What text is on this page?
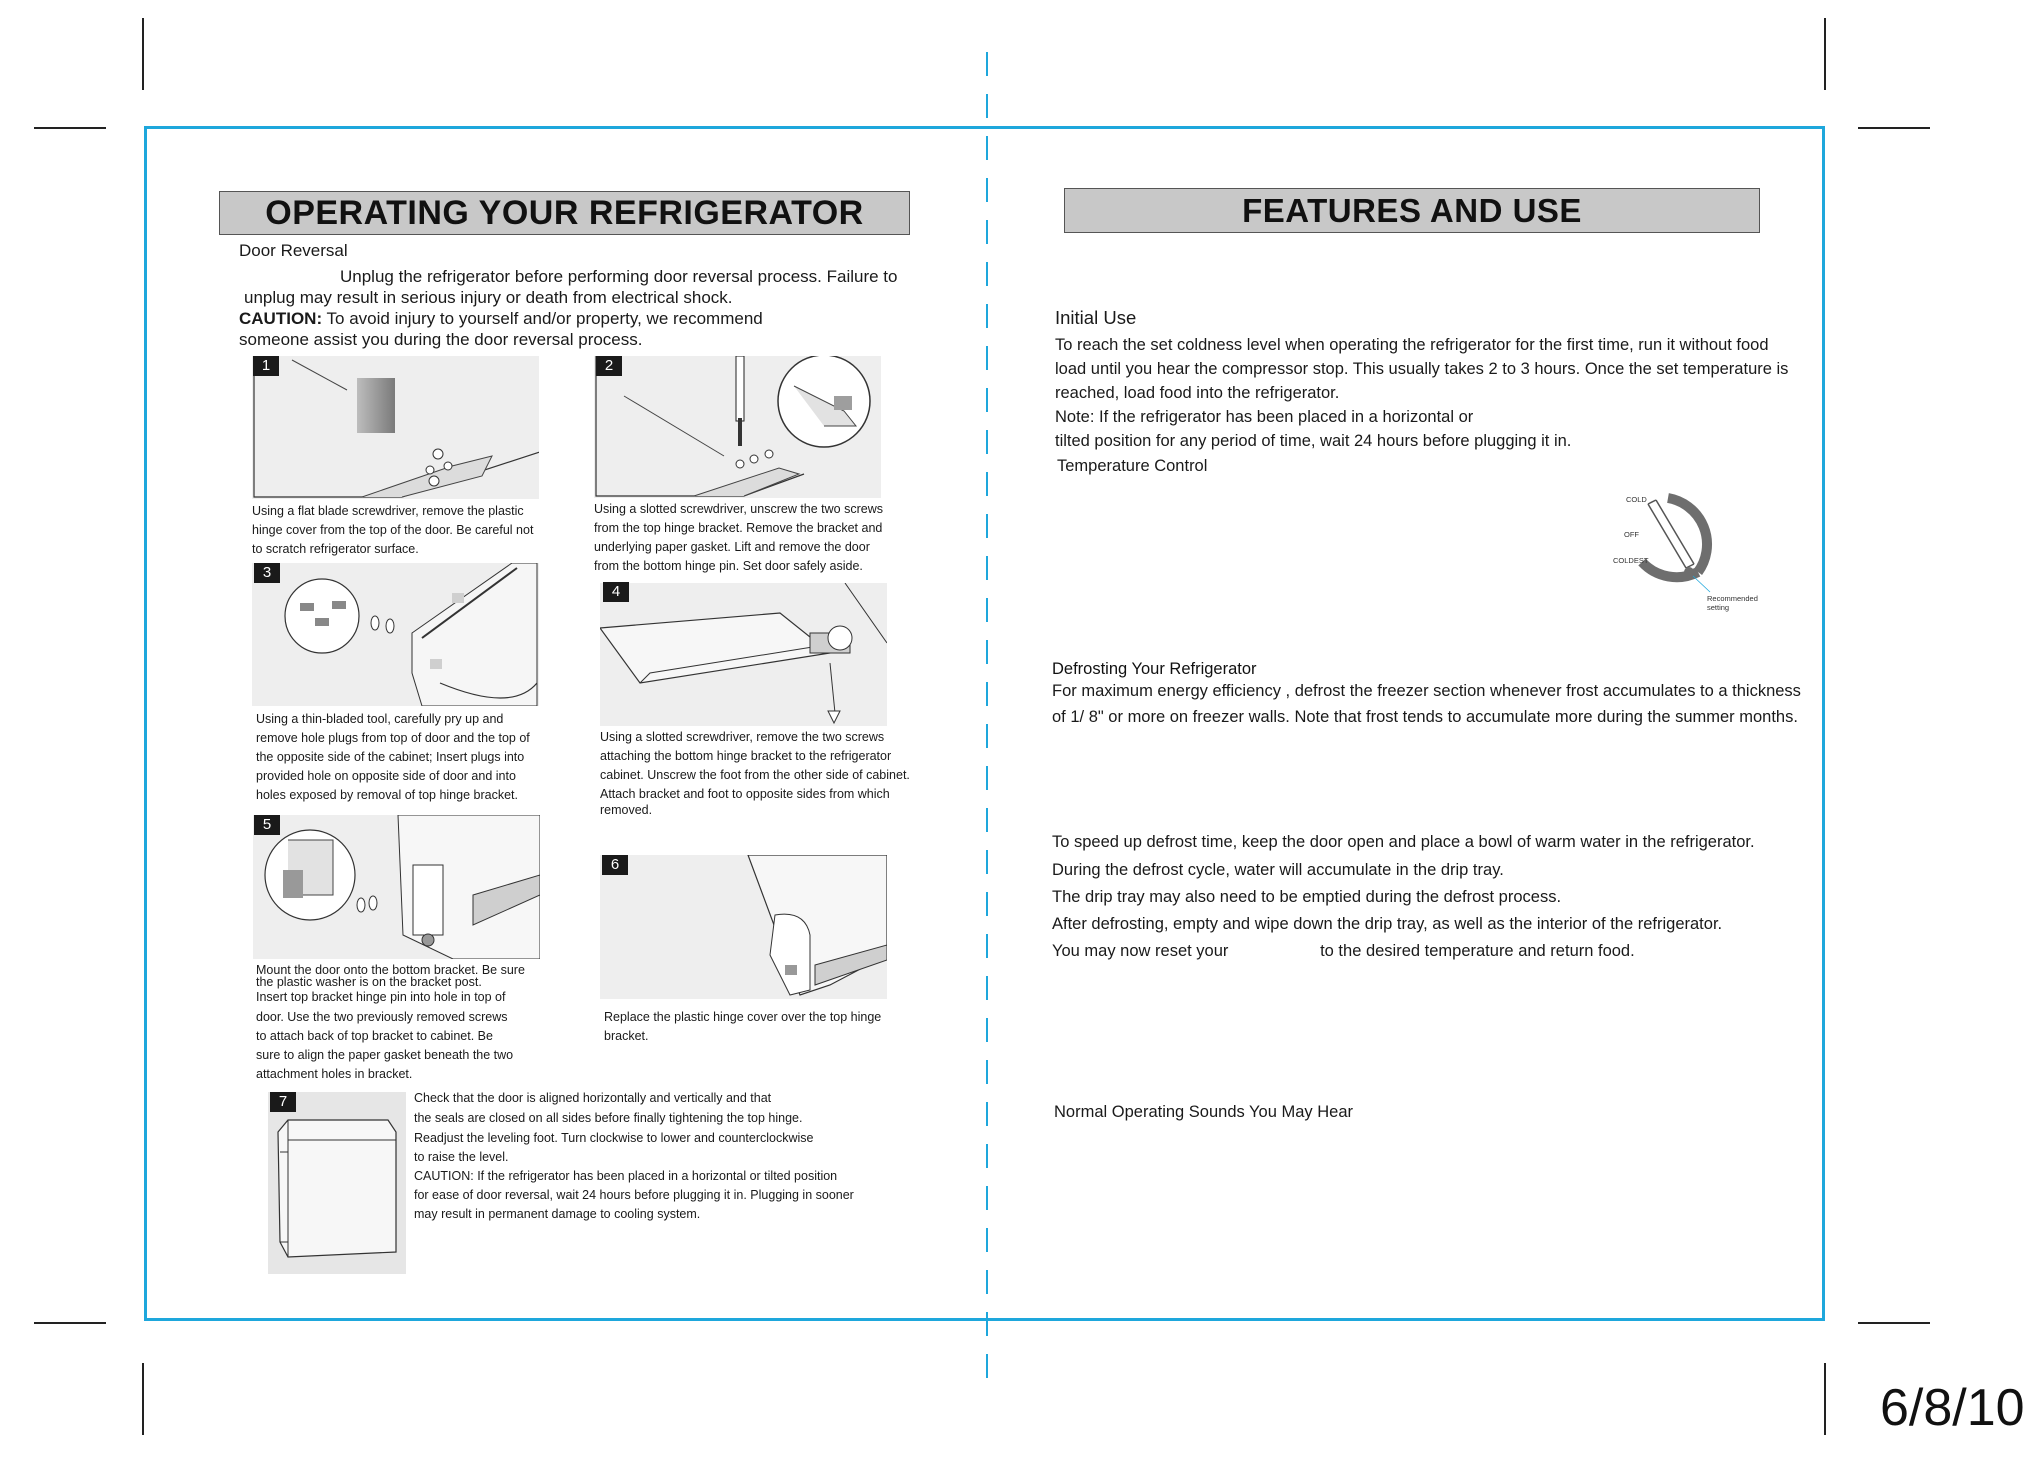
OPERATING YOUR REFRIGERATOR
Door Reversal
Unplug the refrigerator before performing door reversal process. Failure to
unplug may result in serious injury or death from electrical shock.
CAUTION: To avoid injury to yourself and/or property, we recommend
someone assist you during the door reversal process.
1
Using a flat blade screwdriver, remove the plastic
hinge cover from the top of the door. Be careful not
to scratch refrigerator surface.
2
Using a slotted screwdriver, unscrew the two screws
from the top hinge bracket. Remove the bracket and
underlying paper gasket. Lift and remove the door
from the bottom hinge pin. Set door safely aside.
3
Using a thin-bladed tool, carefully pry up and
remove hole plugs from top of door and the top of
the opposite side of the cabinet; Insert plugs into
provided hole on opposite side of door and into
holes exposed by removal of top hinge bracket.
4
Using a slotted screwdriver, remove the two screws
attaching the bottom hinge bracket to the refrigerator
cabinet. Unscrew the foot from the other side of cabinet.
Attach bracket and foot to opposite sides from which
removed.
5
Mount the door onto the bottom bracket. Be sure
the plastic washer is on the bracket post.
Insert top bracket hinge pin into hole in top of
door. Use the two previously removed screws
to attach back of top bracket to cabinet. Be
sure to align the paper gasket beneath the two
attachment holes in bracket.
6
Replace the plastic hinge cover over the top hinge
bracket.
7	Check that the door is aligned horizontally and vertically and that
the seals are closed on all sides before finally tightening the top hinge.
Readjust the leveling foot. Turn clockwise to lower and counterclockwise
to raise the level.
CAUTION: If the refrigerator has been placed in a horizontal or tilted position
for ease of door reversal, wait 24 hours before plugging it in. Plugging in sooner
may result in permanent damage to cooling system.
FEATURES AND USE
Initial Use
To reach the set coldness level when operating the refrigerator for the first time, run it without food
load until you hear the compressor stop. This usually takes 2 to 3 hours. Once the set temperature is
reached, load food into the refrigerator.
Note: If the refrigerator has been placed in a horizontal or
tilted position for any period of time, wait 24 hours before plugging it in.
Temperature Control
COLD
OFF
COLDEST
Recommended
setting
Defrosting Your Refrigerator
For maximum energy efficiency , defrost the freezer section whenever frost accumulates to a thickness
of 1/ 8" or more on freezer walls. Note that frost tends to accumulate more during the summer months.
To speed up defrost time, keep the door open and place a bowl of warm water in the refrigerator.
During the defrost cycle, water will accumulate in the drip tray.
The drip tray may also need to be emptied during the defrost process.
After defrosting, empty and wipe down the drip tray, as well as the interior of the refrigerator.
You may now reset your                    to the desired temperature and return food.
Normal Operating Sounds You May Hear
6/8/10
